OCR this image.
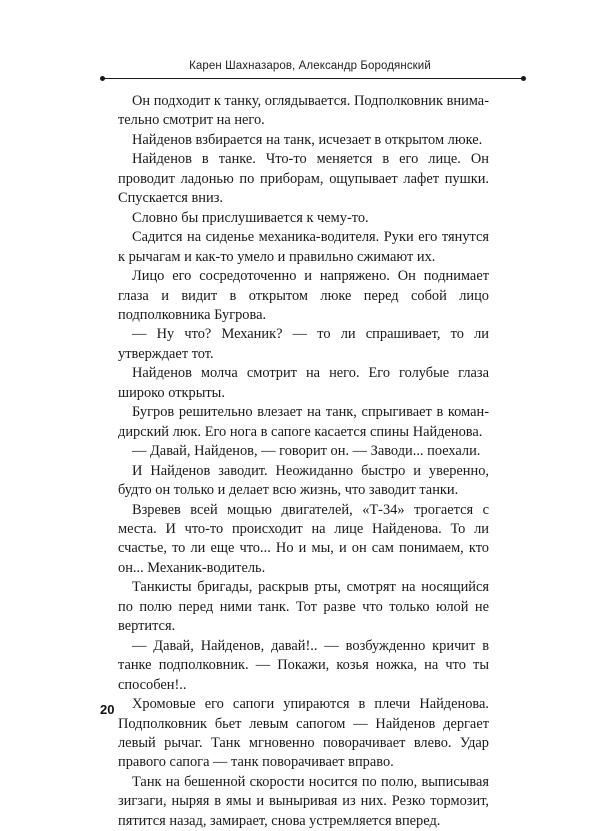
Карен Шахназаров, Александр Бородянский

Он подходит к танку, оглядывается. Подполковник внимательно смотрит на него.

Найденов взбирается на танк, исчезает в открытом люке.

Найденов в танке. Что-то меняется в его лице. Он проводит ладонью по приборам, ощупывает лафет пушки. Спускается вниз.

Словно бы прислушивается к чему-то.

Садится на сиденье механика-водителя. Руки его тянутся к рычагам и как-то умело и правильно сжимают их.

Лицо его сосредоточенно и напряжено. Он поднимает глаза и видит в открытом люке перед собой лицо подполковника Бугрова.

— Ну что? Механик? — то ли спрашивает, то ли утверждает тот.

Найденов молча смотрит на него. Его голубые глаза широко открыты.

Бугров решительно влезает на танк, спрыгивает в командирский люк. Его нога в сапоге касается спины Найденова.

— Давай, Найденов, — говорит он. — Заводи... поехали.

И Найденов заводит. Неожиданно быстро и уверенно, будто он только и делает всю жизнь, что заводит танки.

Взревев всей мощью двигателей, «Т-34» трогается с места. И что-то происходит на лице Найденова. То ли счастье, то ли еще что... Но и мы, и он сам понимаем, кто он... Механик-водитель.

Танкисты бригады, раскрыв рты, смотрят на носящийся по полю перед ними танк. Тот разве что только юлой не вертится.

— Давай, Найденов, давай!.. — возбужденно кричит в танке подполковник. — Покажи, козья ножка, на что ты способен!..

Хромовые его сапоги упираются в плечи Найденова. Подполковник бьет левым сапогом — Найденов дергает левый рычаг. Танк мгновенно поворачивает влево. Удар правого сапога — танк поворачивает вправо.

Танк на бешенной скорости носится по полю, выписывая зигзаги, ныряя в ямы и выныривая из них. Резко тормозит, пятится назад, замирает, снова устремляется вперед.

20
